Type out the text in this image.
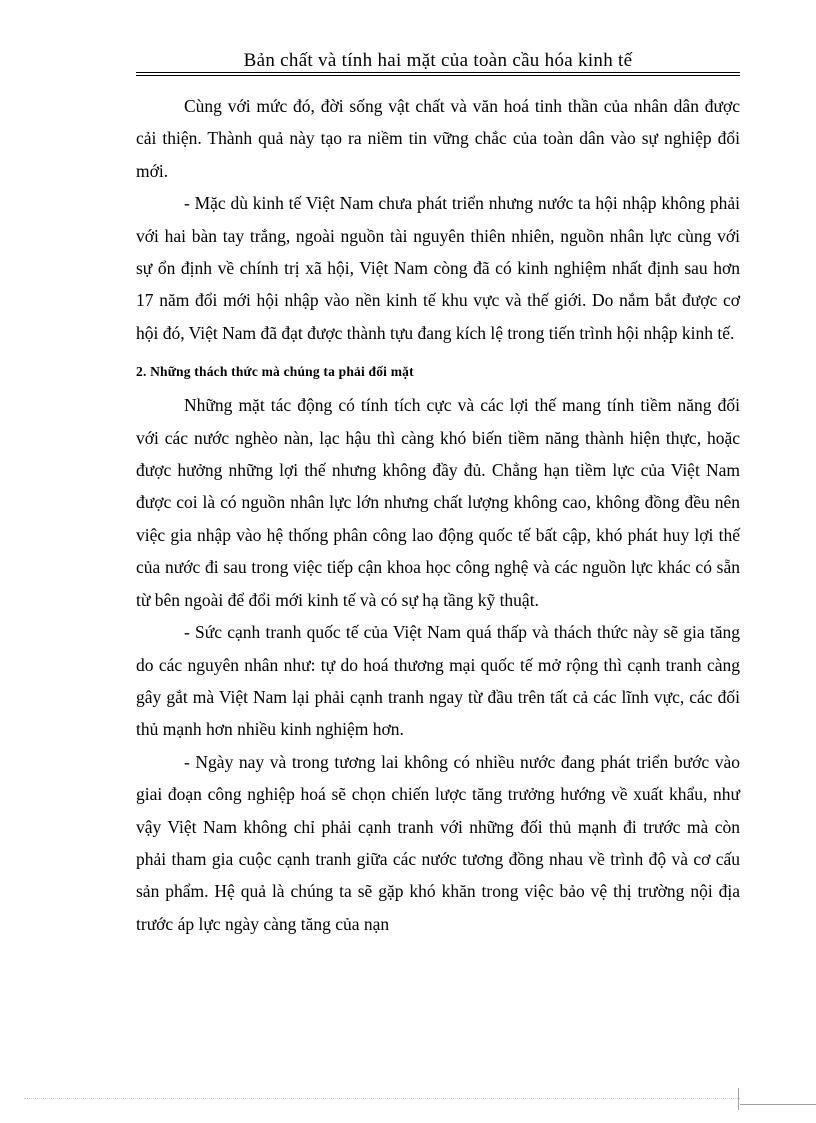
Bản chất và tính hai mặt của toàn cầu hóa kinh tế

Cùng với mức đó, đời sống vật chất và văn hoá tinh thần của nhân dân được cải thiện. Thành quả này tạo ra niềm tin vững chắc của toàn dân vào sự nghiệp đổi mới.

- Mặc dù kinh tế Việt Nam chưa phát triển nhưng nước ta hội nhập không phải với hai bàn tay trắng, ngoài nguồn tài nguyên thiên nhiên, nguồn nhân lực cùng với sự ổn định về chính trị xã hội, Việt Nam còng đã có kinh nghiệm nhất định sau hơn 17 năm đổi mới hội nhập vào nền kinh tế khu vực và thế giới. Do nắm bắt được cơ hội đó, Việt Nam đã đạt được thành tựu đang kích lệ trong tiến trình hội nhập kinh tế.

2. Những thách thức mà chúng ta phải đối mặt

Những mặt tác động có tính tích cực và các lợi thế mang tính tiềm năng đối với các nước nghèo nàn, lạc hậu thì càng khó biến tiềm năng thành hiện thực, hoặc được hưởng những lợi thế nhưng không đầy đủ. Chẳng hạn tiềm lực của Việt Nam được coi là có nguồn nhân lực lớn nhưng chất lượng không cao, không đồng đều nên việc gia nhập vào hệ thống phân công lao động quốc tế bất cập, khó phát huy lợi thế của nước đi sau trong việc tiếp cận khoa học công nghệ và các nguồn lực khác có sẵn từ bên ngoài để đổi mới kinh tế và có sự hạ tầng kỹ thuật.

- Sức cạnh tranh quốc tế của Việt Nam quá thấp và thách thức này sẽ gia tăng do các nguyên nhân như: tự do hoá thương mại quốc tế mở rộng thì cạnh tranh càng gây gắt mà Việt Nam lại phải cạnh tranh ngay từ đầu trên tất cả các lĩnh vực, các đối thủ mạnh hơn nhiều kinh nghiệm hơn.

- Ngày nay và trong tương lai không có nhiều nước đang phát triển bước vào giai đoạn công nghiệp hoá sẽ chọn chiến lược tăng trưởng hướng về xuất khẩu, như vậy Việt Nam không chỉ phải cạnh tranh với những đối thủ mạnh đi trước mà còn phải tham gia cuộc cạnh tranh giữa các nước tương đồng nhau về trình độ và cơ cấu sản phẩm. Hệ quả là chúng ta sẽ gặp khó khăn trong việc bảo vệ thị trường nội địa trước áp lực ngày càng tăng của nạn
